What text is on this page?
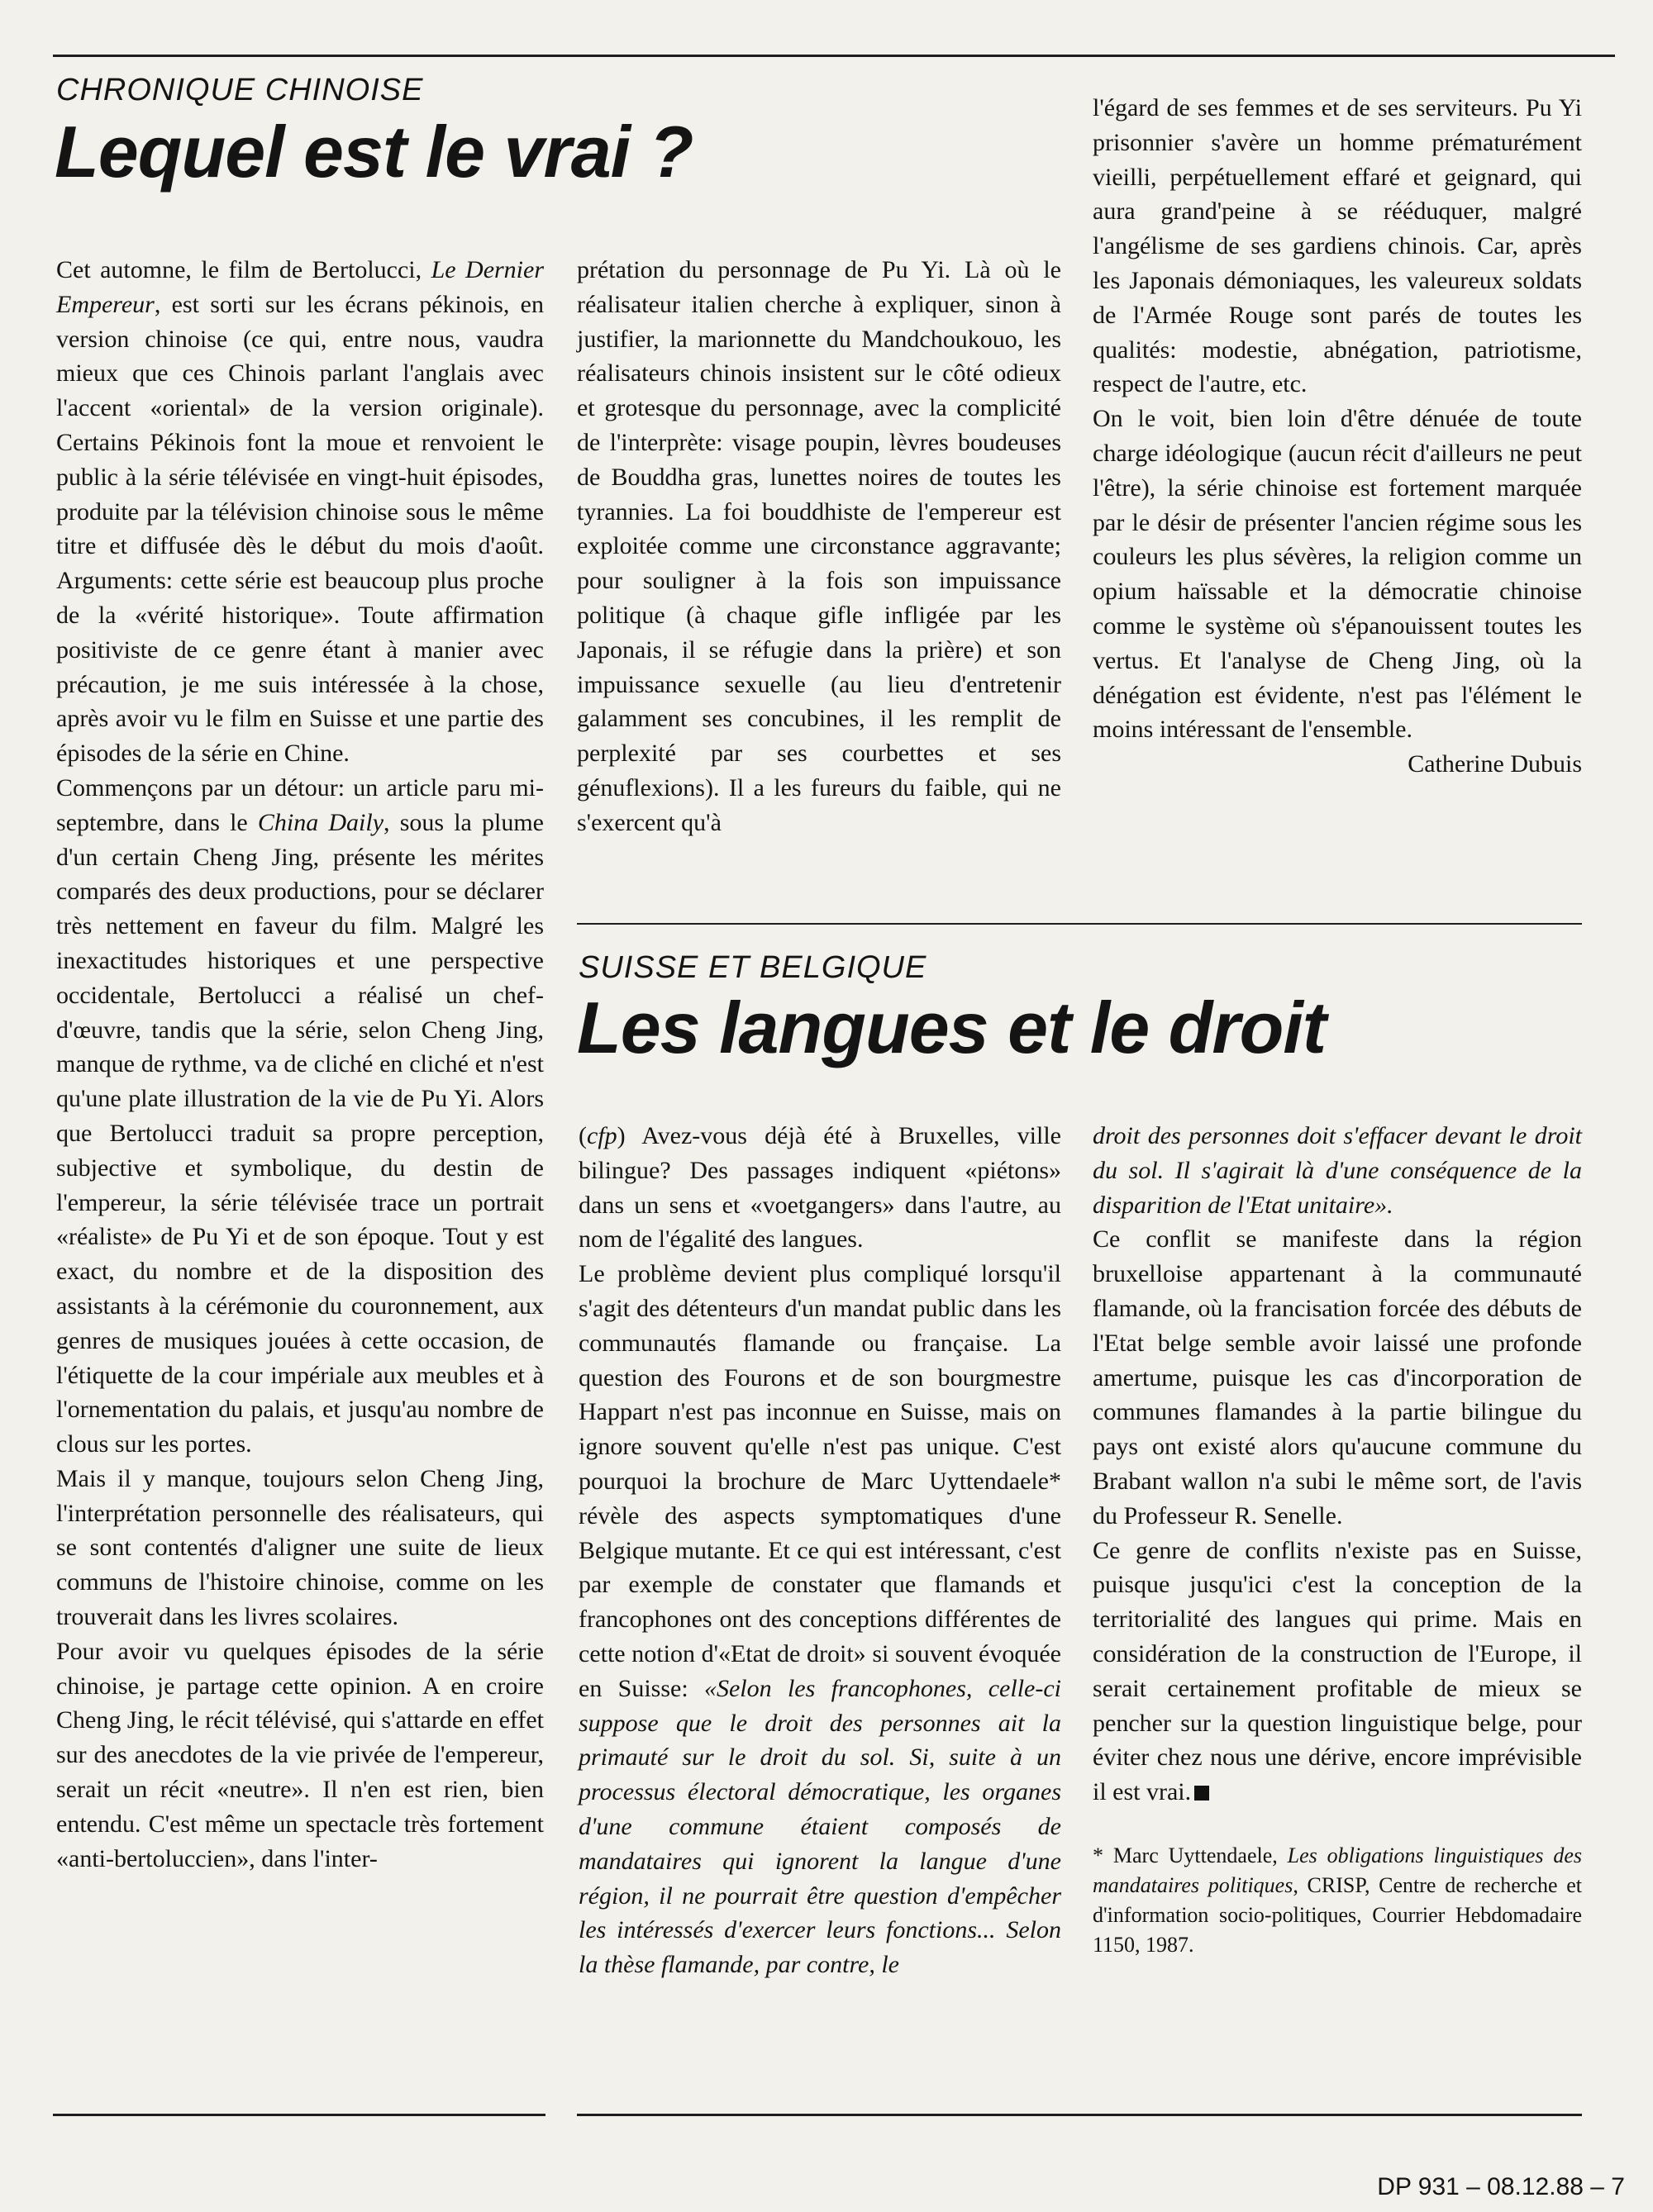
CHRONIQUE CHINOISE
Lequel est le vrai ?

Cet automne, le film de Bertolucci, Le Dernier Empereur, est sorti sur les écrans pékinois, en version chinoise (ce qui, entre nous, vaudra mieux que ces Chinois parlant l'anglais avec l'accent «oriental» de la version originale). Certains Pékinois font la moue et renvoient le public à la série télévisée en vingt-huit épisodes, produite par la télévision chinoise sous le même titre et diffusée dès le début du mois d'août. Arguments: cette série est beaucoup plus proche de la «vérité historique». Toute affirmation positiviste de ce genre étant à manier avec précaution, je me suis intéressée à la chose, après avoir vu le film en Suisse et une partie des épisodes de la série en Chine.
Commençons par un détour: un article paru mi-septembre, dans le China Daily, sous la plume d'un certain Cheng Jing, présente les mérites comparés des deux productions, pour se déclarer très nettement en faveur du film. Malgré les inexactitudes historiques et une perspective occidentale, Bertolucci a réalisé un chef-d'œuvre, tandis que la série, selon Cheng Jing, manque de rythme, va de cliché en cliché et n'est qu'une plate illustration de la vie de Pu Yi. Alors que Bertolucci traduit sa propre perception, subjective et symbolique, du destin de l'empereur, la série télévisée trace un portrait «réaliste» de Pu Yi et de son époque. Tout y est exact, du nombre et de la disposition des assistants à la cérémonie du couronnement, aux genres de musiques jouées à cette occasion, de l'étiquette de la cour impériale aux meubles et à l'ornementation du palais, et jusqu'au nombre de clous sur les portes.
Mais il y manque, toujours selon Cheng Jing, l'interprétation personnelle des réalisateurs, qui se sont contentés d'aligner une suite de lieux communs de l'histoire chinoise, comme on les trouverait dans les livres scolaires.
Pour avoir vu quelques épisodes de la série chinoise, je partage cette opinion. A en croire Cheng Jing, le récit télévisé, qui s'attarde en effet sur des anecdotes de la vie privée de l'empereur, serait un récit «neutre». Il n'en est rien, bien entendu. C'est même un spectacle très fortement «anti-bertoluccien», dans l'inter-

prétation du personnage de Pu Yi. Là où le réalisateur italien cherche à expliquer, sinon à justifier, la marionnette du Mandchoukouo, les réalisateurs chinois insistent sur le côté odieux et grotesque du personnage, avec la complicité de l'interprète: visage poupin, lèvres boudeuses de Bouddha gras, lunettes noires de toutes les tyrannies. La foi bouddhiste de l'empereur est exploitée comme une circonstance aggravante; pour souligner à la fois son impuissance politique (à chaque gifle infligée par les Japonais, il se réfugie dans la prière) et son impuissance sexuelle (au lieu d'entretenir galamment ses concubines, il les remplit de perplexité par ses courbettes et ses génuflexions). Il a les fureurs du faible, qui ne s'exercent qu'à

l'égard de ses femmes et de ses serviteurs. Pu Yi prisonnier s'avère un homme prématurément vieilli, perpétuellement effaré et geignard, qui aura grand'peine à se rééduquer, malgré l'angélisme de ses gardiens chinois. Car, après les Japonais démoniaques, les valeureux soldats de l'Armée Rouge sont parés de toutes les qualités: modestie, abnégation, patriotisme, respect de l'autre, etc.
On le voit, bien loin d'être dénuée de toute charge idéologique (aucun récit d'ailleurs ne peut l'être), la série chinoise est fortement marquée par le désir de présenter l'ancien régime sous les couleurs les plus sévères, la religion comme un opium haïssable et la démocratie chinoise comme le système où s'épanouissent toutes les vertus. Et l'analyse de Cheng Jing, où la dénégation est évidente, n'est pas l'élément le moins intéressant de l'ensemble.

Catherine Dubuis

SUISSE ET BELGIQUE
Les langues et le droit

(cfp) Avez-vous déjà été à Bruxelles, ville bilingue? Des passages indiquent «piétons» dans un sens et «voetgangers» dans l'autre, au nom de l'égalité des langues.
Le problème devient plus compliqué lorsqu'il s'agit des détenteurs d'un mandat public dans les communautés flamande ou française. La question des Fourons et de son bourgmestre Happart n'est pas inconnue en Suisse, mais on ignore souvent qu'elle n'est pas unique. C'est pourquoi la brochure de Marc Uyttendaele* révèle des aspects symptomatiques d'une Belgique mutante. Et ce qui est intéressant, c'est par exemple de constater que flamands et francophones ont des conceptions différentes de cette notion d'«Etat de droit» si souvent évoquée en Suisse: «Selon les francophones, celle-ci suppose que le droit des personnes ait la primauté sur le droit du sol. Si, suite à un processus électoral démocratique, les organes d'une commune étaient composés de mandataires qui ignorent la langue d'une région, il ne pourrait être question d'empêcher les intéressés d'exercer leurs fonctions... Selon la thèse flamande, par contre, le

droit des personnes doit s'effacer devant le droit du sol. Il s'agirait là d'une conséquence de la disparition de l'Etat unitaire».
Ce conflit se manifeste dans la région bruxelloise appartenant à la communauté flamande, où la francisation forcée des débuts de l'Etat belge semble avoir laissé une profonde amertume, puisque les cas d'incorporation de communes flamandes à la partie bilingue du pays ont existé alors qu'aucune commune du Brabant wallon n'a subi le même sort, de l'avis du Professeur R. Senelle.
Ce genre de conflits n'existe pas en Suisse, puisque jusqu'ici c'est la conception de la territorialité des langues qui prime. Mais en considération de la construction de l'Europe, il serait certainement profitable de mieux se pencher sur la question linguistique belge, pour éviter chez nous une dérive, encore imprévisible il est vrai.

* Marc Uyttendaele, Les obligations linguistiques des mandataires politiques, CRISP, Centre de recherche et d'information socio-politiques, Courrier Hebdomadaire 1150, 1987.

DP 931 – 08.12.88 – 7
